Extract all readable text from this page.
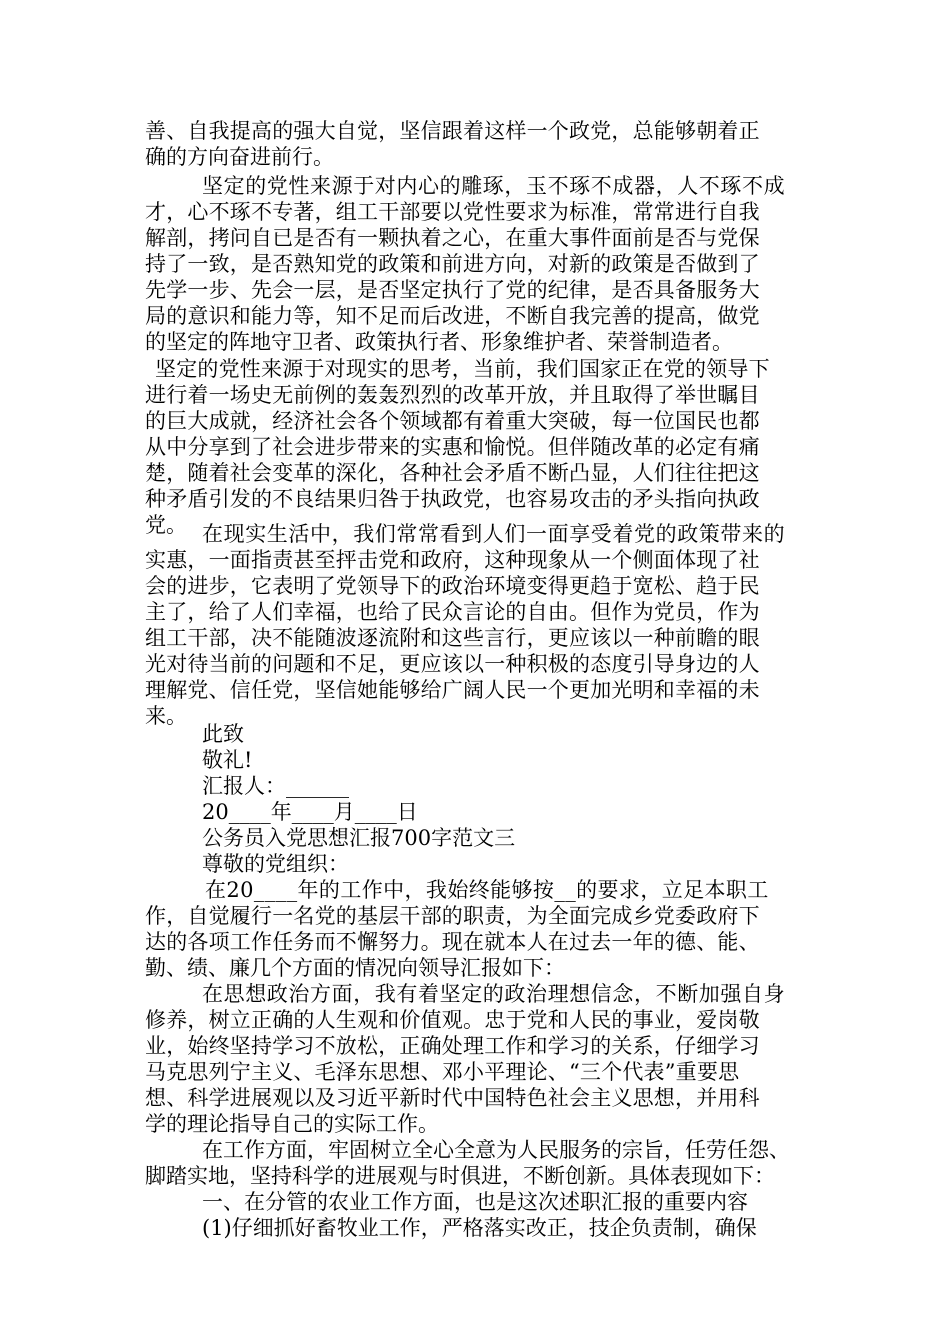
善、自我提高的强大自觉，坚信跟着这样一个政党，总能够朝着正
确的方向奋进前行。
坚定的党性来源于对内心的雕琢，玉不琢不成器，人不琢不成
才，心不琢不专著，组工干部要以党性要求为标准，常常进行自我
解剖，拷问自已是否有一颗执着之心，在重大事件面前是否与党保
持了一致，是否熟知党的政策和前进方向，对新的政策是否做到了
先学一步、先会一层，是否坚定执行了党的纪律，是否具备服务大
局的意识和能力等，知不足而后改进，不断自我完善的提高，做党
的坚定的阵地守卫者、政策执行者、形象维护者、荣誉制造者。
坚定的党性来源于对现实的思考，当前，我们国家正在党的领导下
进行着一场史无前例的轰轰烈烈的改革开放，并且取得了举世瞩目
的巨大成就，经济社会各个领域都有着重大突破，每一位国民也都
从中分享到了社会进步带来的实惠和愉悦。但伴随改革的必定有痛
楚，随着社会变革的深化，各种社会矛盾不断凸显，人们往往把这
种矛盾引发的不良结果归咎于执政党，也容易攻击的矛头指向执政
党。 在现实生活中，我们常常看到人们一面享受着党的政策带来的
实惠，一面指责甚至抨击党和政府，这种现象从一个侧面体现了社
会的进步，它表明了党领导下的政治环境变得更趋于宽松、趋于民
主了，给了人们幸福，也给了民众言论的自由。但作为党员，作为
组工干部，决不能随波逐流附和这些言行，更应该以一种前瞻的眼
光对待当前的问题和不足，更应该以一种积极的态度引导身边的人
理解党、信任党，坚信她能够给广阔人民一个更加光明和幸福的未
来。
此致
敬礼!
汇报人：______
20____年____月____日
公务员入党思想汇报700字范文三
尊敬的党组织：
在20____年的工作中，我始终能够按__的要求，立足本职工
作，自觉履行一名党的基层干部的职责，为全面完成乡党委政府下
达的各项工作任务而不懈努力。现在就本人在过去一年的德、能、
勤、绩、廉几个方面的情况向领导汇报如下：
在思想政治方面，我有着坚定的政治理想信念，不断加强自身
修养，树立正确的人生观和价值观。忠于党和人民的事业，爱岗敬
业，始终坚持学习不放松，正确处理工作和学习的关系，仔细学习
马克思列宁主义、毛泽东思想、邓小平理论、“三个代表”重要思
想、科学进展观以及习近平新时代中国特色社会主义思想，并用科
学的理论指导自己的实际工作。
在工作方面，牢固树立全心全意为人民服务的宗旨，任劳任怨、
脚踏实地，坚持科学的进展观与时俱进，不断创新。具体表现如下：
一、在分管的农业工作方面，也是这次述职汇报的重要内容
(1)仔细抓好畜牧业工作，严格落实改正，技企负责制，确保
